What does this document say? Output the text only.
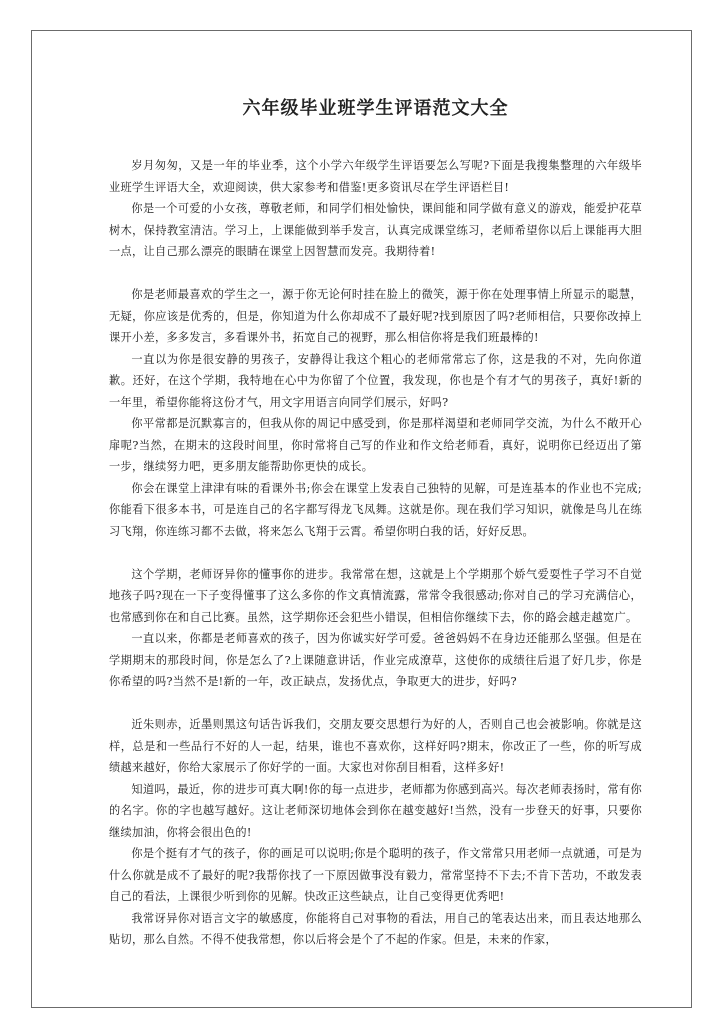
六年级毕业班学生评语范文大全

岁月匆匆，又是一年的毕业季，这个小学六年级学生评语要怎么写呢?下面是我搜集整理的六年级毕业班学生评语大全，欢迎阅读，供大家参考和借鉴!更多资讯尽在学生评语栏目!

你是一个可爱的小女孩，尊敬老师，和同学们相处愉快，课间能和同学做有意义的游戏，能爱护花草树木，保持教室清洁。学习上，上课能做到举手发言，认真完成课堂练习，老师希望你以后上课能再大胆一点，让自己那么漂亮的眼睛在课堂上因智慧而发亮。我期待着!

你是老师最喜欢的学生之一，源于你无论何时挂在脸上的微笑，源于你在处理事情上所显示的聪慧，无疑，你应该是优秀的，但是，你知道为什么你却成不了最好呢?找到原因了吗?老师相信，只要你改掉上课开小差，多多发言，多看课外书，拓宽自己的视野，那么相信你将是我们班最棒的!

一直以为你是很安静的男孩子，安静得让我这个粗心的老师常常忘了你，这是我的不对，先向你道歉。还好，在这个学期，我特地在心中为你留了个位置，我发现，你也是个有才气的男孩子，真好!新的一年里，希望你能将这份才气，用文字用语言向同学们展示，好吗?

你平常都是沉默寡言的，但我从你的周记中感受到，你是那样渴望和老师同学交流，为什么不敞开心扉呢?当然，在期末的这段时间里，你时常将自己写的作业和作文给老师看，真好，说明你已经迈出了第一步，继续努力吧，更多朋友能帮助你更快的成长。

你会在课堂上津津有味的看课外书;你会在课堂上发表自己独特的见解，可是连基本的作业也不完成;你能看下很多本书，可是连自己的名字都写得龙飞凤舞。这就是你。现在我们学习知识，就像是鸟儿在练习飞翔，你连练习都不去做，将来怎么飞翔于云霄。希望你明白我的话，好好反思。

这个学期，老师讶异你的懂事你的进步。我常常在想，这就是上个学期那个娇气爱耍性子学习不自觉地孩子吗?现在一下子变得懂事了这么多你的作文真情流露，常常令我很感动;你对自己的学习充满信心，也常感到你在和自己比赛。虽然，这学期你还会犯些小错误，但相信你继续下去，你的路会越走越宽广。

一直以来，你都是老师喜欢的孩子，因为你诚实好学可爱。爸爸妈妈不在身边还能那么坚强。但是在学期期末的那段时间，你是怎么了?上课随意讲话，作业完成潦草，这使你的成绩往后退了好几步，你是你希望的吗?当然不是!新的一年，改正缺点，发扬优点，争取更大的进步，好吗?

近朱则赤，近墨则黑这句话告诉我们，交朋友要交思想行为好的人，否则自己也会被影响。你就是这样，总是和一些品行不好的人一起，结果，谁也不喜欢你，这样好吗?期末，你改正了一些，你的听写成绩越来越好，你给大家展示了你好学的一面。大家也对你刮目相看，这样多好!

知道吗，最近，你的进步可真大啊!你的每一点进步，老师都为你感到高兴。每次老师表扬时，常有你的名字。你的字也越写越好。这让老师深切地体会到你在越变越好!当然，没有一步登天的好事，只要你继续加油，你将会很出色的!

你是个挺有才气的孩子，你的画足可以说明;你是个聪明的孩子，作文常常只用老师一点就通，可是为什么你就是成不了最好的呢?我帮你找了一下原因做事没有毅力，常常坚持不下去;不肯下苦功，不敢发表自己的看法，上课很少听到你的见解。快改正这些缺点，让自己变得更优秀吧!

我常讶异你对语言文字的敏感度，你能将自己对事物的看法，用自己的笔表达出来，而且表达地那么贴切，那么自然。不得不使我常想，你以后将会是个了不起的作家。但是，未来的作家，
